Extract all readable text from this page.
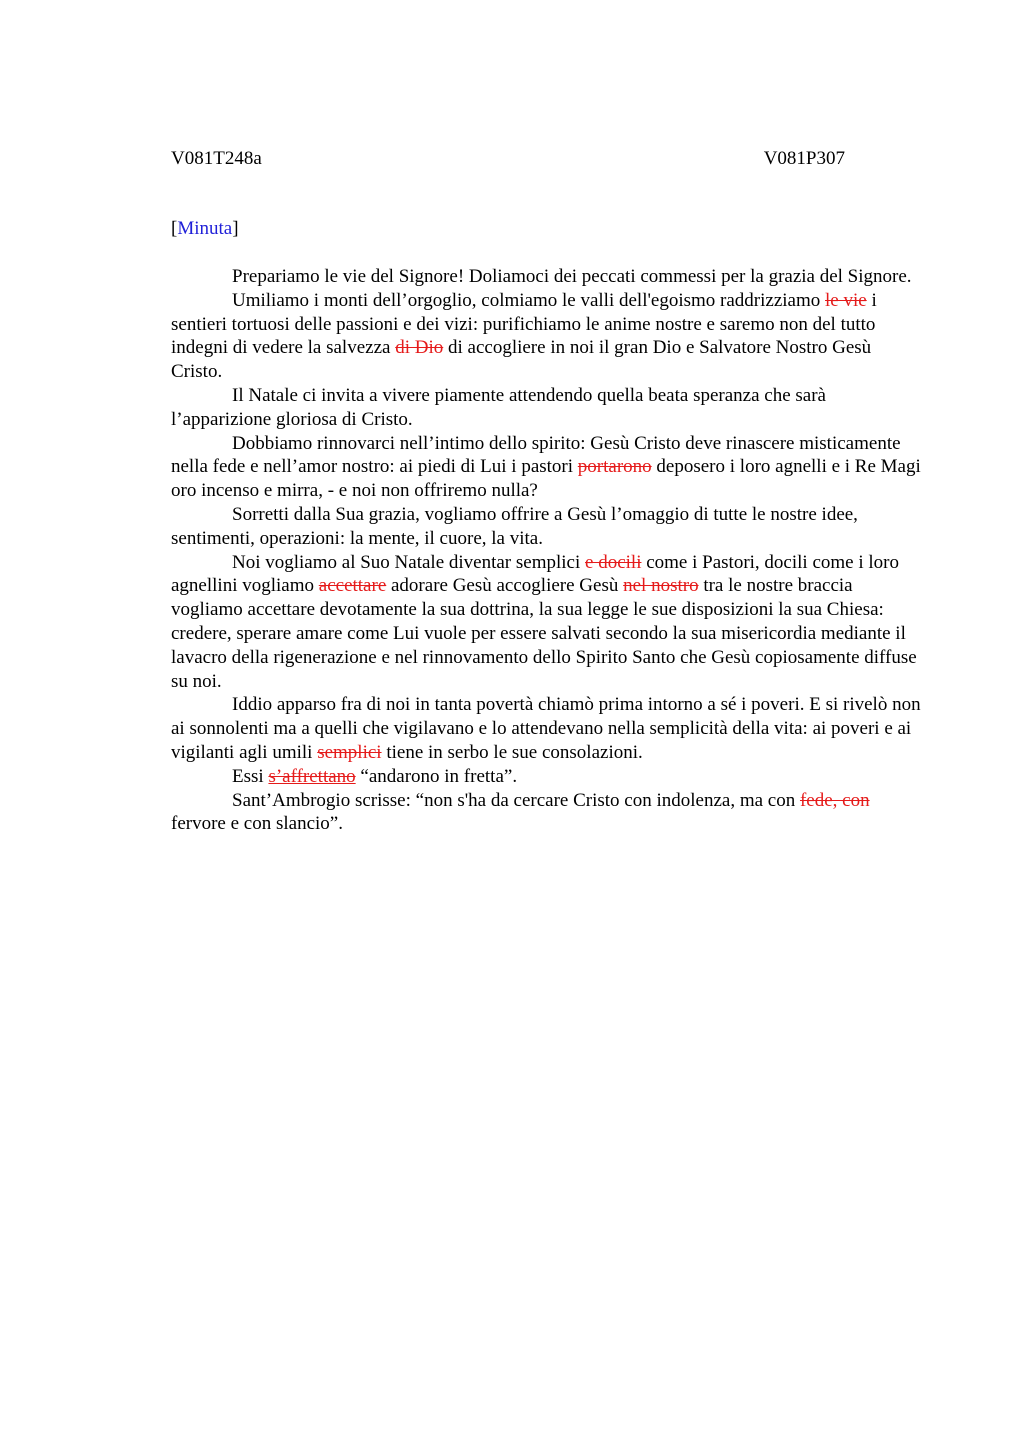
V081T248a	V081P307
[Minuta]

Prepariamo le vie del Signore! Doliamoci dei peccati commessi per la grazia del Signore.

Umiliamo i monti dell’orgoglio, colmiamo le valli dell'egoismo raddrizziamo le vie i sentieri tortuosi delle passioni e dei vizi: purifichiamo le anime nostre e saremo non del tutto indegni di vedere la salvezza di Dio di accogliere in noi il gran Dio e Salvatore Nostro Gesù Cristo.

Il Natale ci invita a vivere piamente attendendo quella beata speranza che sarà l’apparizione gloriosa di Cristo.

Dobbiamo rinnovarci nell’intimo dello spirito: Gesù Cristo deve rinascere misticamente nella fede e nell’amor nostro: ai piedi di Lui i pastori portarono deposero i loro agnelli e i Re Magi oro incenso e mirra, - e noi non offriremo nulla?

Sorretti dalla Sua grazia, vogliamo offrire a Gesù l’omaggio di tutte le nostre idee, sentimenti, operazioni: la mente, il cuore, la vita.

Noi vogliamo al Suo Natale diventar semplici e docili come i Pastori, docili come i loro agnellini vogliamo accettare adorare Gesù accogliere Gesù nel nostro tra le nostre braccia vogliamo accettare devotamente la sua dottrina, la sua legge le sue disposizioni la sua Chiesa: credere, sperare amare come Lui vuole per essere salvati secondo la sua misericordia mediante il lavacro della rigenerazione e nel rinnovamento dello Spirito Santo che Gesù copiosamente diffuse su noi.

Iddio apparso fra di noi in tanta povertà chiamò prima intorno a sé i poveri. E si rivelò non ai sonnolenti ma a quelli che vigilavano e lo attendevano nella semplicità della vita: ai poveri e ai vigilanti agli umili semplici tiene in serbo le sue consolazioni.

Essi s’affrettano “andarono in fretta”.

Sant’Ambrogio scrisse: “non s'ha da cercare Cristo con indolenza, ma con fede, con fervore e con slancio”.
